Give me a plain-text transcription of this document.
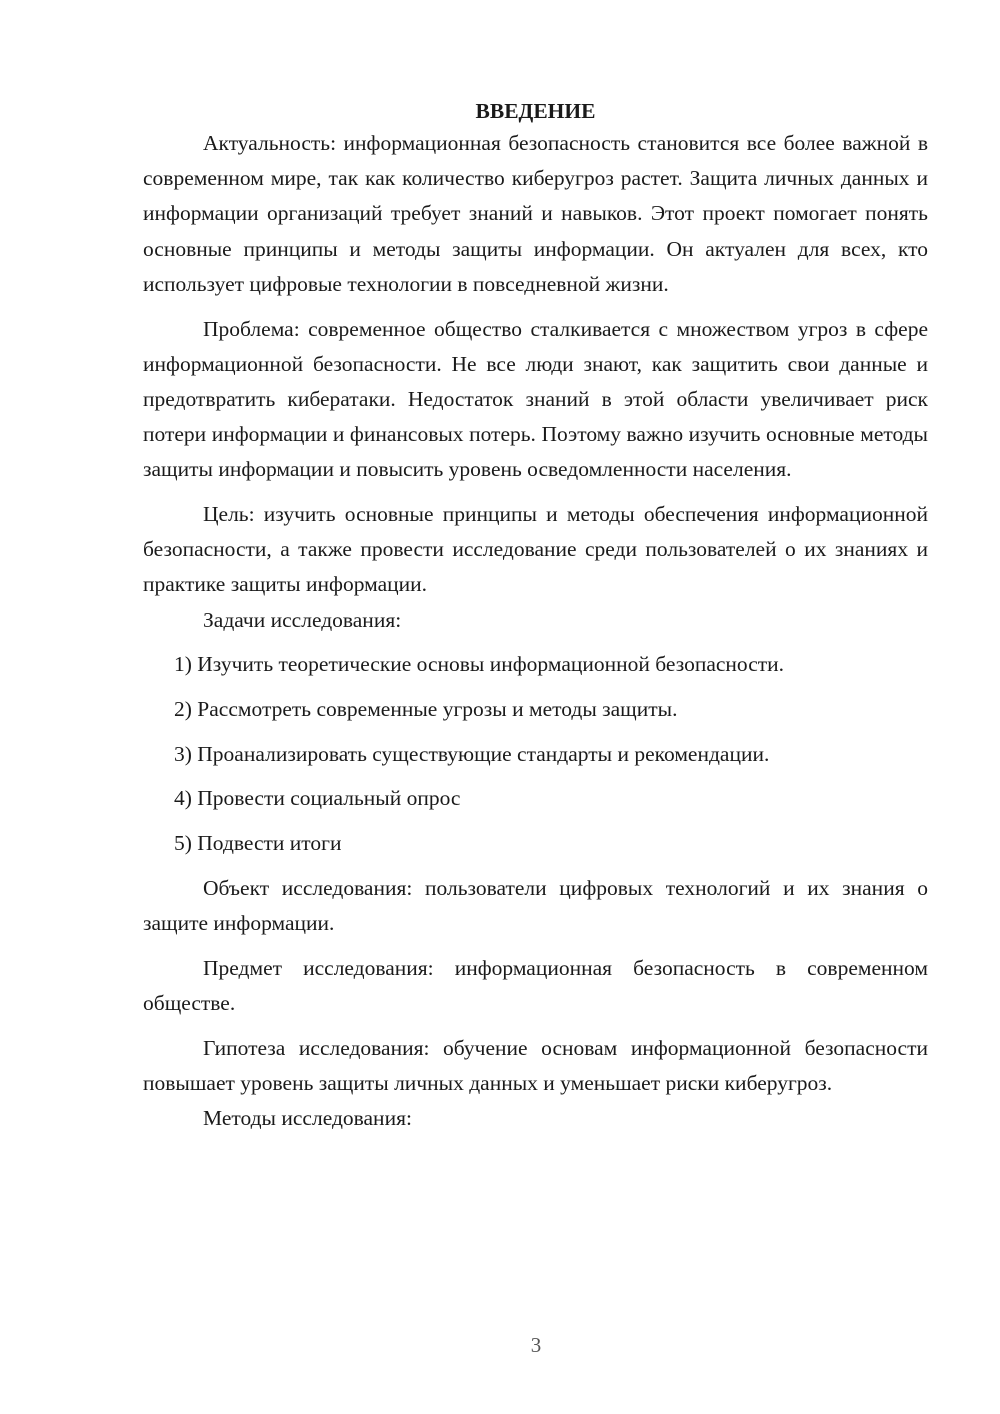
ВВЕДЕНИЕ

Актуальность: информационная безопасность становится все более важной в современном мире, так как количество киберугроз растет. Защита личных данных и информации организаций требует знаний и навыков. Этот проект помогает понять основные принципы и методы защиты информации. Он актуален для всех, кто использует цифровые технологии в повседневной жизни.

Проблема: современное общество сталкивается с множеством угроз в сфере информационной безопасности. Не все люди знают, как защитить свои данные и предотвратить кибератаки. Недостаток знаний в этой области увеличивает риск потери информации и финансовых потерь. Поэтому важно изучить основные методы защиты информации и повысить уровень осведомленности населения.

Цель: изучить основные принципы и методы обеспечения информационной безопасности, а также провести исследование среди пользователей о их знаниях и практике защиты информации.

Задачи исследования:

1) Изучить теоретические основы информационной безопасности.

2) Рассмотреть современные угрозы и методы защиты.

3) Проанализировать существующие стандарты и рекомендации.

4) Провести социальный опрос

5) Подвести итоги

Объект исследования: пользователи цифровых технологий и их знания о защите информации.

Предмет исследования: информационная безопасность в современном обществе.

Гипотеза исследования: обучение основам информационной безопасности повышает уровень защиты личных данных и уменьшает риски киберугроз.

Методы исследования:

3
